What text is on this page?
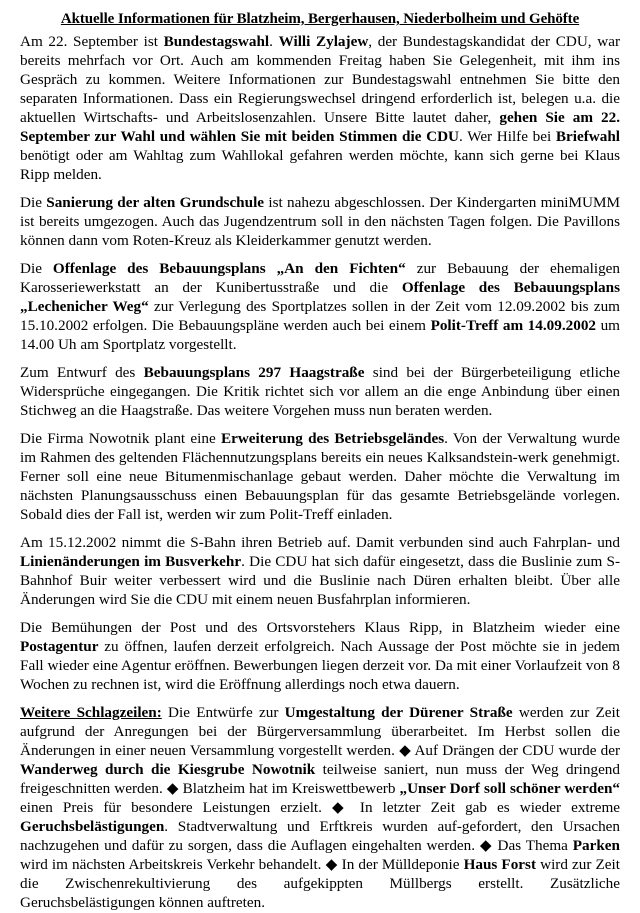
Aktuelle Informationen für Blatzheim, Bergerhausen, Niederbolheim und Gehöfte

Am 22. September ist Bundestagswahl. Willi Zylajew, der Bundestagskandidat der CDU, war bereits mehrfach vor Ort. Auch am kommenden Freitag haben Sie Gelegenheit, mit ihm ins Gespräch zu kommen. Weitere Informationen zur Bundestagswahl entnehmen Sie bitte den separaten Informationen. Dass ein Regierungswechsel dringend erforderlich ist, belegen u.a. die aktuellen Wirtschafts- und Arbeitslosenzahlen. Unsere Bitte lautet daher, gehen Sie am 22. September zur Wahl und wählen Sie mit beiden Stimmen die CDU. Wer Hilfe bei Briefwahl benötigt oder am Wahltag zum Wahllokal gefahren werden möchte, kann sich gerne bei Klaus Ripp melden.

Die Sanierung der alten Grundschule ist nahezu abgeschlossen. Der Kindergarten miniMUMM ist bereits umgezogen. Auch das Jugendzentrum soll in den nächsten Tagen folgen. Die Pavillons können dann vom Roten-Kreuz als Kleiderkammer genutzt werden.

Die Offenlage des Bebauungsplans „An den Fichten“ zur Bebauung der ehemaligen Karosseriewerkstatt an der Kunibertusstraße und die Offenlage des Bebauungsplans „Lechenicher Weg“ zur Verlegung des Sportplatzes sollen in der Zeit vom 12.09.2002 bis zum 15.10.2002 erfolgen. Die Bebauungspläne werden auch bei einem Polit-Treff am 14.09.2002 um 14.00 Uh am Sportplatz vorgestellt.

Zum Entwurf des Bebauungsplans 297 Haagstraße sind bei der Bürgerbeteiligung etliche Widersprüche eingegangen. Die Kritik richtet sich vor allem an die enge Anbindung über einen Stichweg an die Haagstraße. Das weitere Vorgehen muss nun beraten werden.

Die Firma Nowotnik plant eine Erweiterung des Betriebsgeländes. Von der Verwaltung wurde im Rahmen des geltenden Flächennutzungsplans bereits ein neues Kalksandstein-werk genehmigt. Ferner soll eine neue Bitumenmischanlage gebaut werden. Daher möchte die Verwaltung im nächsten Planungsausschuss einen Bebauungsplan für das gesamte Betriebsgelände vorlegen. Sobald dies der Fall ist, werden wir zum Polit-Treff einladen.

Am 15.12.2002 nimmt die S-Bahn ihren Betrieb auf. Damit verbunden sind auch Fahrplan- und Linienänderungen im Busverkehr. Die CDU hat sich dafür eingesetzt, dass die Buslinie zum S-Bahnhof Buir weiter verbessert wird und die Buslinie nach Düren erhalten bleibt. Über alle Änderungen wird Sie die CDU mit einem neuen Busfahrplan informieren.

Die Bemühungen der Post und des Ortsvorstehers Klaus Ripp, in Blatzheim wieder eine Postagentur zu öffnen, laufen derzeit erfolgreich. Nach Aussage der Post möchte sie in jedem Fall wieder eine Agentur eröffnen. Bewerbungen liegen derzeit vor. Da mit einer Vorlaufzeit von 8 Wochen zu rechnen ist, wird die Eröffnung allerdings noch etwa dauern.

Weitere Schlagzeilen: Die Entwürfe zur Umgestaltung der Dürener Straße werden zur Zeit aufgrund der Anregungen bei der Bürgerversammlung überarbeitet. Im Herbst sollen die Änderungen in einer neuen Versammlung vorgestellt werden. ◆ Auf Drängen der CDU wurde der Wanderweg durch die Kiesgrube Nowotnik teilweise saniert, nun muss der Weg dringend freigeschnitten werden. ◆ Blatzheim hat im Kreiswettbewerb „Unser Dorf soll schöner werden“ einen Preis für besondere Leistungen erzielt. ◆ In letzter Zeit gab es wieder extreme Geruchsbelästigungen. Stadtverwaltung und Erftkreis wurden auf-gefordert, den Ursachen nachzugehen und dafür zu sorgen, dass die Auflagen eingehalten werden. ◆ Das Thema Parken wird im nächsten Arbeitskreis Verkehr behandelt. ◆ In der Mülldeponie Haus Forst wird zur Zeit die Zwischenrekultivierung des aufgekippten Müllbergs erstellt. Zusätzliche Geruchsbelästigungen können auftreten.
